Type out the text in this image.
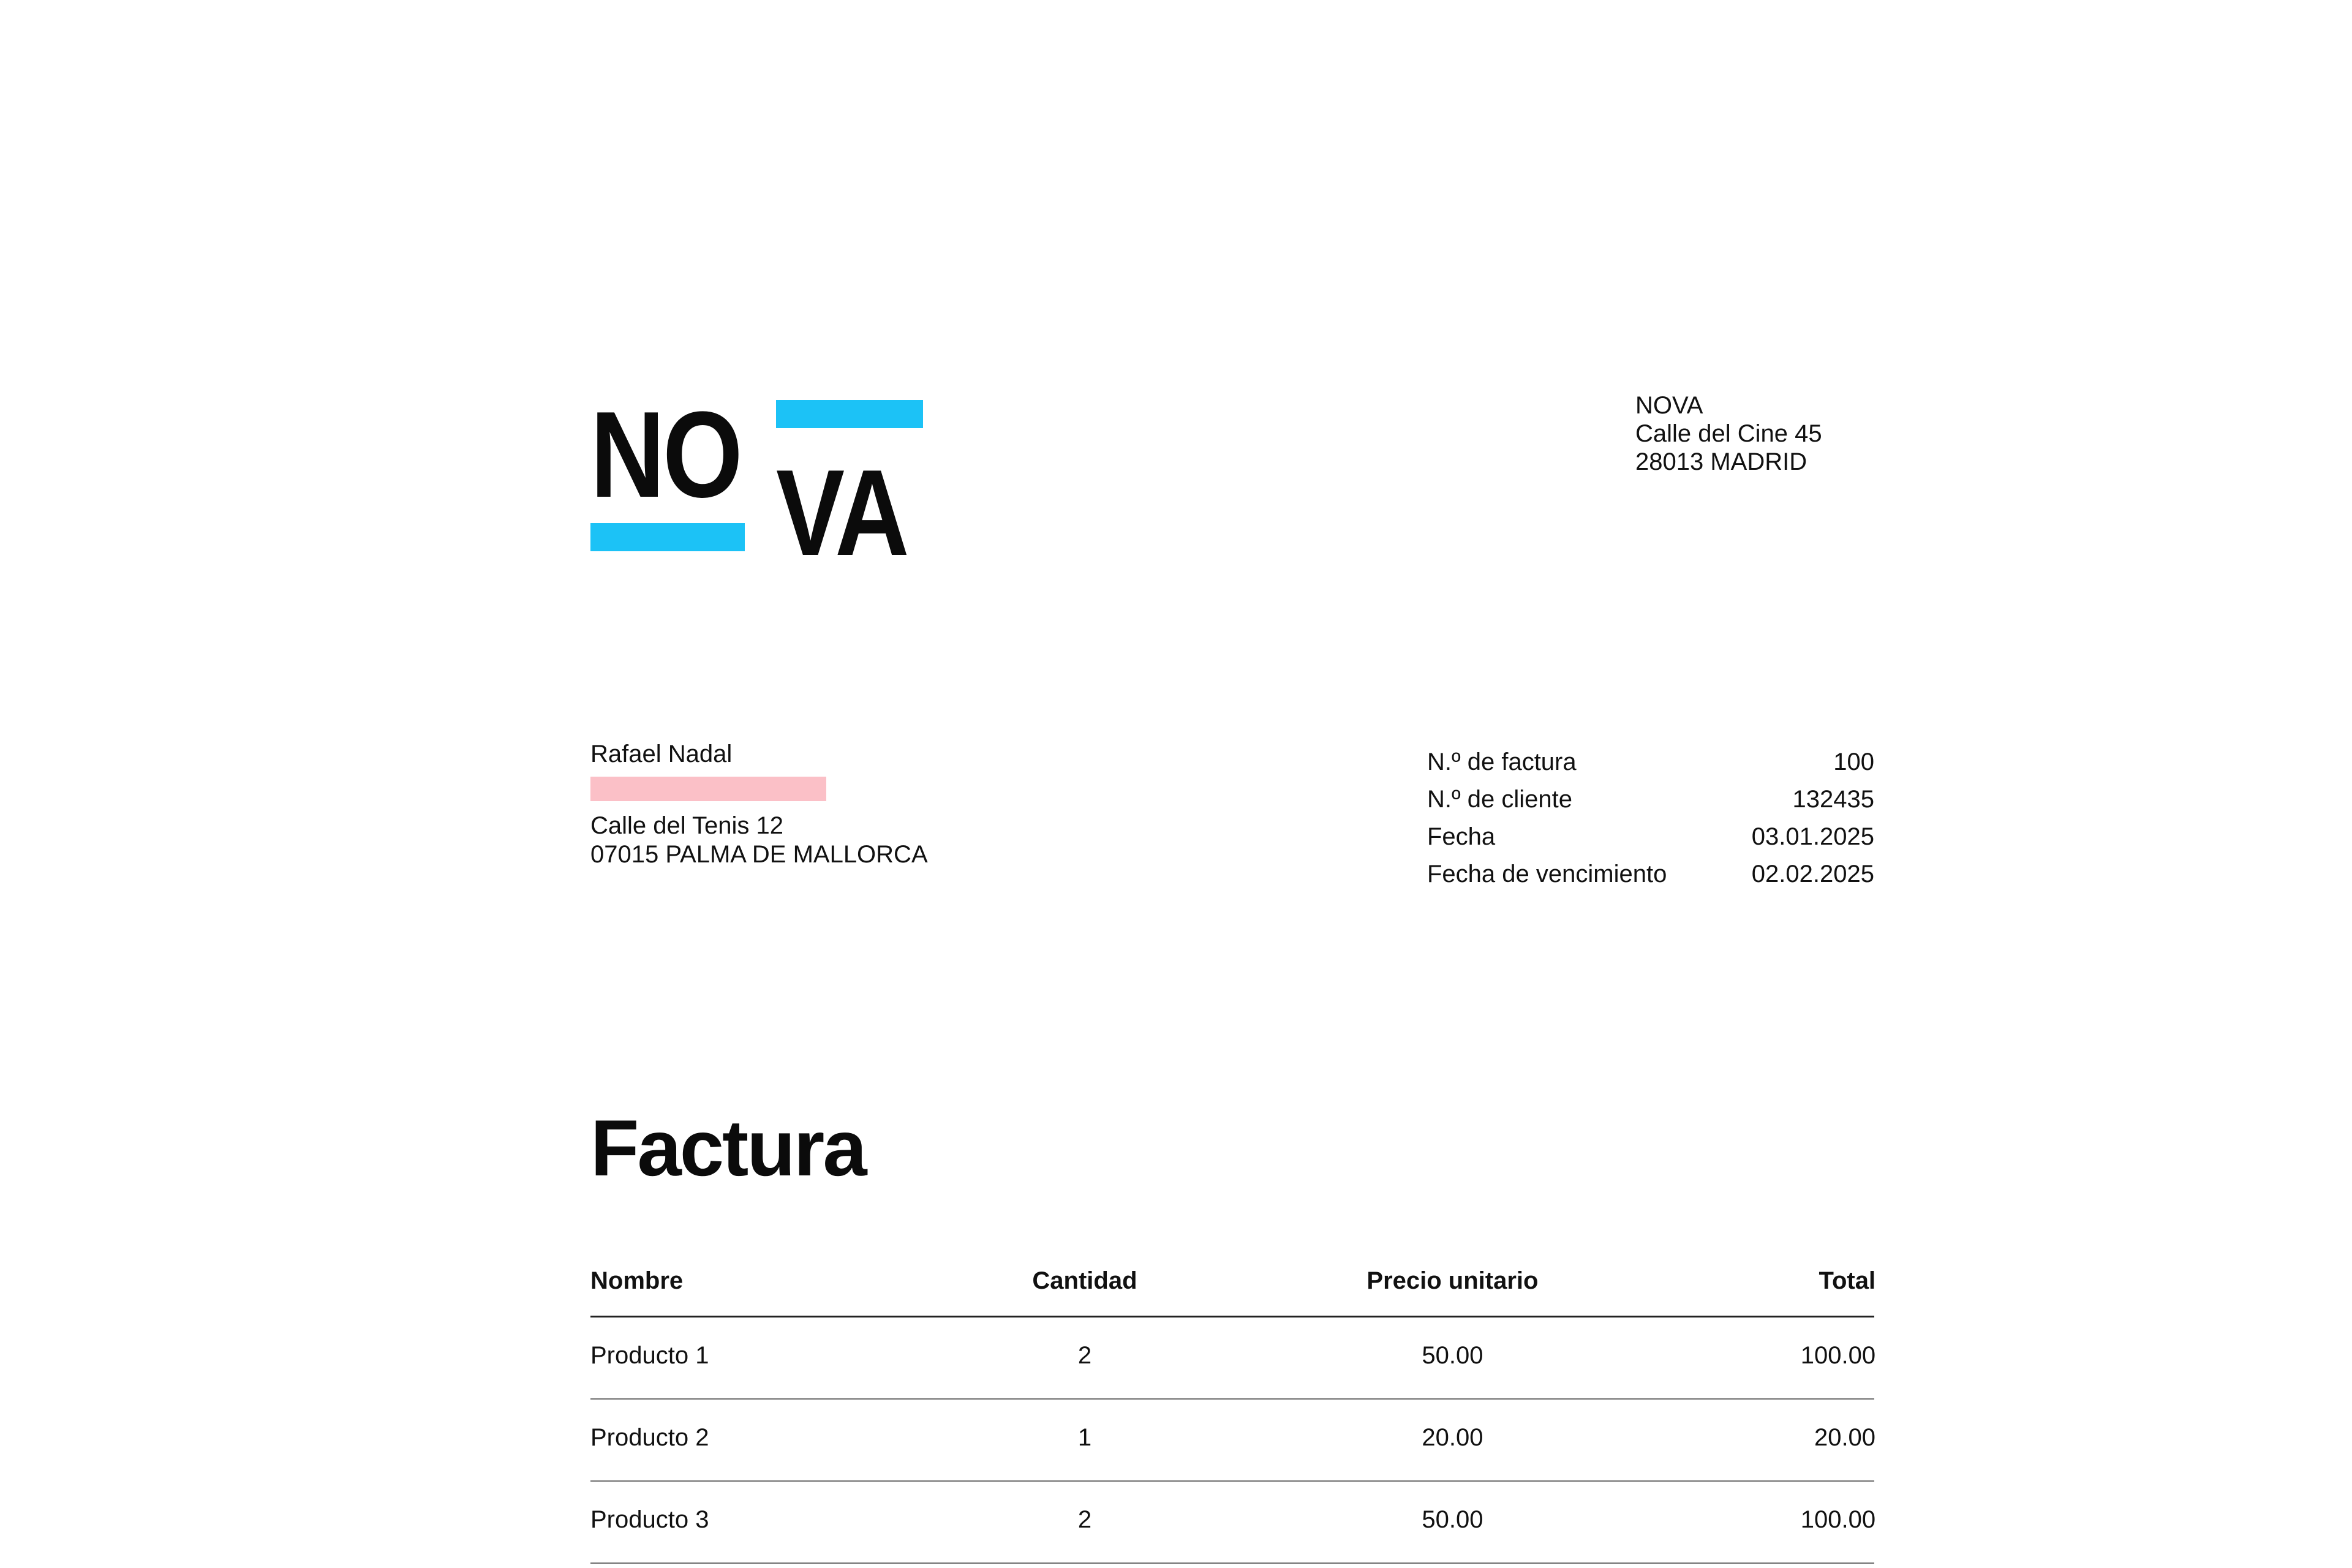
NO VA
NOVA
Calle del Cine 45
28013 MADRID
Rafael Nadal
Calle del Tenis 12
07015 PALMA DE MALLORCA
N.º de factura	100
N.º de cliente	132435
Fecha	03.01.2025
Fecha de vencimiento	02.02.2025
Factura
Nombre	Cantidad	Precio unitario	Total
Producto 1	2	50.00	100.00
Producto 2	1	20.00	20.00
Producto 3	2	50.00	100.00
